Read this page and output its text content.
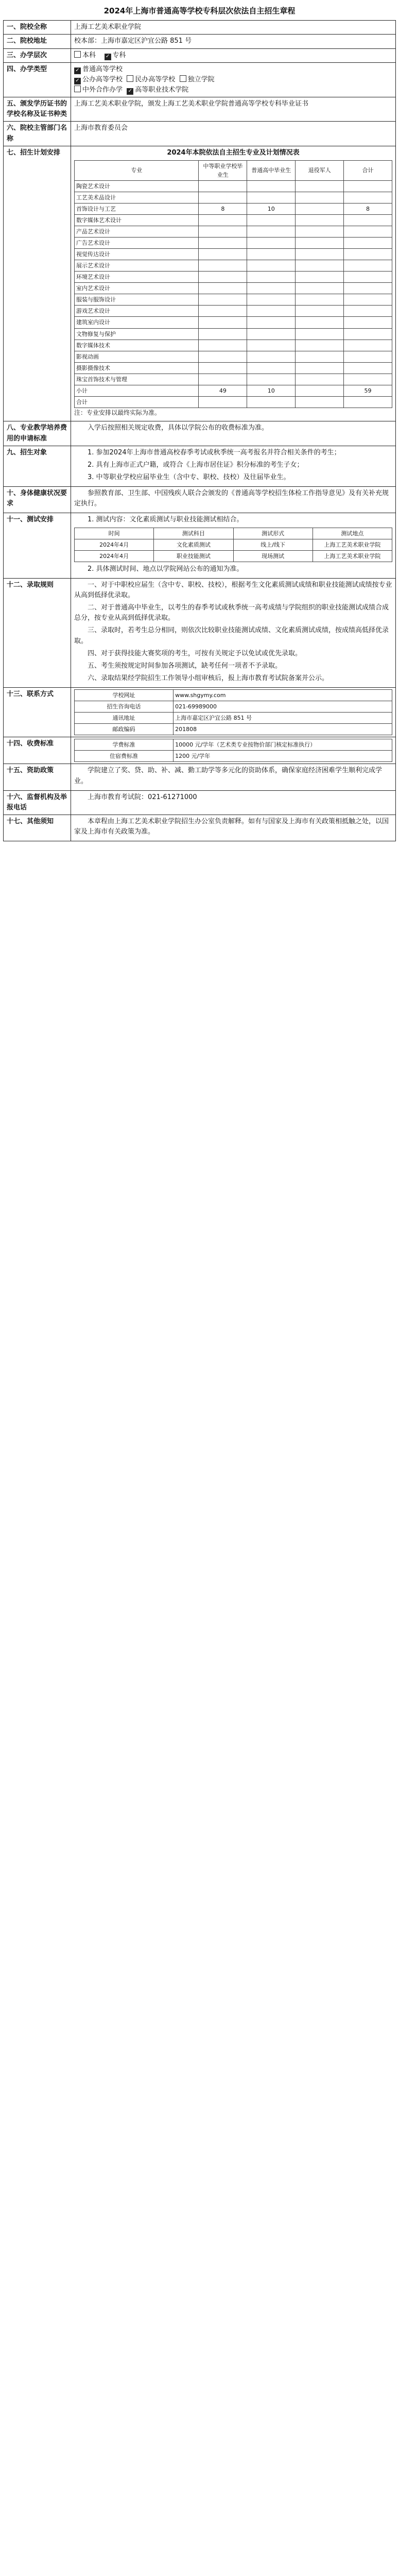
2024年上海市普通高等学校专科层次依法自主招生章程
一、院校全称	上海工艺美术职业学院
二、院校地址	校本部：上海市嘉定区沪宜公路 851 号
三、办学层次	本科 ✓ 专科
四、办学类型	✓ 普通高等学校
✓ 公办高等学校 民办高等学校 独立学院
中外合作办学 ✓ 高等职业技术学院
五、颁发学历证书的学校名称及证书种类	上海工艺美术职业学院，颁发上海工艺美术职业学院普通高等学校专科毕业证书
六、院校主管部门名称	上海市教育委员会
七、招生计划安排	2024年本院依法自主招生专业及计划情况表
专业	中等职业学校毕业生	普通高中毕业生	退役军人	合计
陶瓷艺术设计				
工艺美术品设计				
首饰设计与工艺	8	10		8
数字媒体艺术设计				
产品艺术设计				
广告艺术设计				
视觉传达设计				
展示艺术设计				
环境艺术设计				
室内艺术设计				
服装与服饰设计				
游戏艺术设计				
建筑室内设计				
文物修复与保护				
数字媒体技术				
影视动画				
摄影摄像技术				
珠宝首饰技术与管理				
小计	49	10		59
合计				
注：专业安排以最终实际为准。

八、专业教学培养费用的申请标准	
入学后按照相关规定收费，具体以学院公布的收费标准为准。

九、招生对象	1. 参加2024年上海市普通高校春季考试或秋季统一高考报名并符合相关条件的考生；
2. 具有上海市正式户籍，或符合《上海市居住证》积分标准的考生子女；
3. 中等职业学校应届毕业生（含中专、职校、技校）及往届毕业生。

十、身体健康状况要求	
参照教育部、卫生部、中国残疾人联合会颁发的《普通高等学校招生体检工作指导意见》及有关补充规定执行。

十一、测试安排	1. 测试内容：文化素质测试与职业技能测试相结合。
时间	测试科目	测试形式	测试地点
2024年4月	文化素质测试	线上/线下	上海工艺美术职业学院
2024年4月	职业技能测试	现场测试	上海工艺美术职业学院
2. 具体测试时间、地点以学院网站公布的通知为准。

十二、录取规则	一、对于中职校应届生（含中专、职校、技校），根据考生文化素质测试成绩和职业技能测试成绩按专业从高到低择优录取。
二、对于普通高中毕业生，以考生的春季考试或秋季统一高考成绩与学院组织的职业技能测试成绩合成总分，按专业从高到低择优录取。
三、录取时，若考生总分相同，则依次比较职业技能测试成绩、文化素质测试成绩，按成绩高低择优录取。
四、对于获得技能大赛奖项的考生，可按有关规定予以免试或优先录取。
五、考生须按规定时间参加各项测试，缺考任何一项者不予录取。
六、录取结果经学院招生工作领导小组审核后，报上海市教育考试院备案并公示。

十三、联系方式		学校网址	www.shgymy.com
招生咨询电话	021-69989000
通讯地址	上海市嘉定区沪宜公路 851 号
邮政编码	201808

十四、收费标准		学费标准	10000 元/学年（艺术类专业按物价部门核定标准执行）
住宿费标准	1200 元/学年

十五、资助政策	学院建立了奖、贷、助、补、减、勤工助学等多元化的资助体系，确保家庭经济困难学生顺利完成学业。

十六、监督机构及举报电话	
上海市教育考试院：021-61271000

十七、其他须知	本章程由上海工艺美术职业学院招生办公室负责解释。如有与国家及上海市有关政策相抵触之处，以国家及上海市有关政策为准。
